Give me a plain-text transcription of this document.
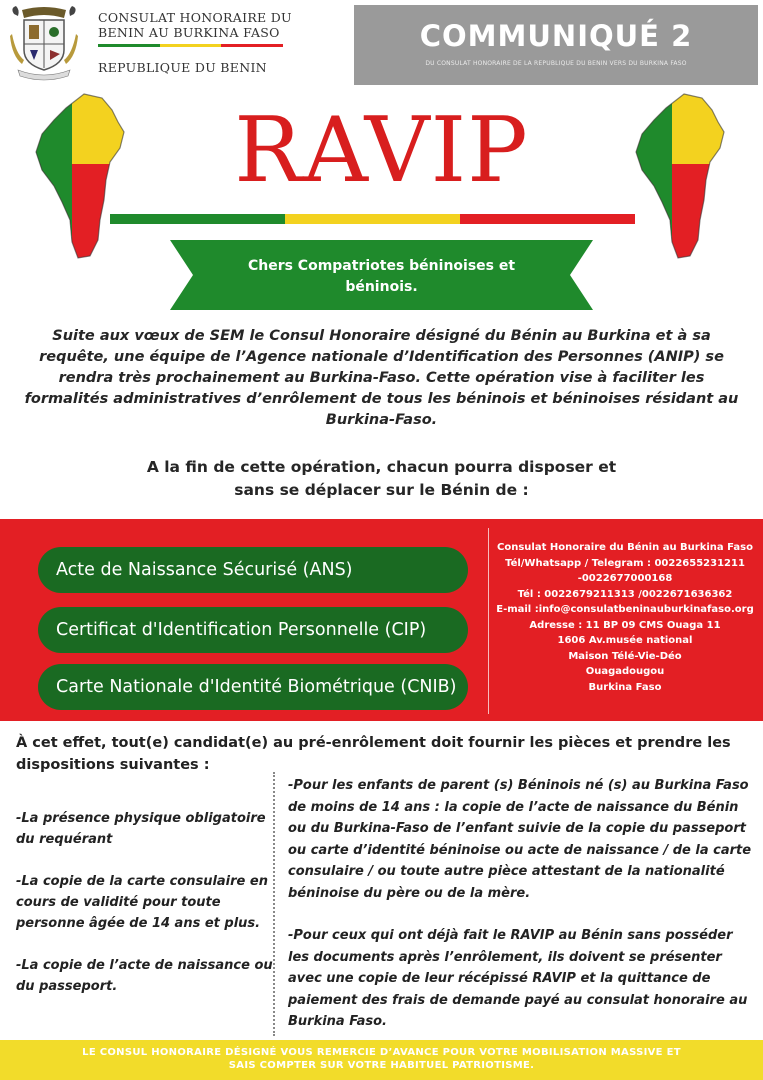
CONSULAT HONORAIRE DU
BENIN AU BURKINA FASO
REPUBLIQUE DU BENIN
COMMUNIQUÉ 2
DU CONSULAT HONORAIRE DE LA REPUBLIQUE DU BENIN VERS DU BURKINA FASO
RAVIP
Chers Compatriotes béninoises et béninois.
Suite aux vœux de SEM le Consul Honoraire désigné du Bénin au Burkina et à sa requête, une équipe de l’Agence nationale d’Identification des Personnes (ANIP) se rendra très prochainement au Burkina-Faso. Cette opération vise à faciliter les formalités administratives d’enrôlement de tous les béninois et béninoises résidant au Burkina-Faso.
A la fin de cette opération, chacun pourra disposer et
sans se déplacer sur le Bénin de :
Acte de Naissance Sécurisé (ANS)
Certificat d'Identification Personnelle (CIP)
Carte Nationale d'Identité Biométrique (CNIB)
Consulat Honoraire du Bénin au Burkina Faso
Tél/Whatsapp / Telegram : 0022655231211
-0022677000168
Tél : 0022679211313 /0022671636362
E-mail :info@consulatbeninauburkinafaso.org
Adresse : 11 BP 09 CMS Ouaga 11
1606 Av.musée national
Maison Télé-Vie-Déo
Ouagadougou
Burkina Faso
À cet effet, tout(e) candidat(e) au pré-enrôlement doit fournir les pièces et prendre les dispositions suivantes :

-La présence physique obligatoire du requérant

-La copie de la carte consulaire en cours de validité pour toute personne âgée de 14 ans et plus.

-La copie de l’acte de naissance ou du passeport.

-Pour les enfants de parent (s) Béninois né (s) au Burkina Faso de moins de 14 ans : la copie de l’acte de naissance du Bénin ou du Burkina-Faso de l’enfant suivie de la copie du passeport ou carte d’identité béninoise ou acte de naissance / de la carte consulaire / ou toute autre pièce attestant de la nationalité béninoise du père ou de la mère.

-Pour ceux qui ont déjà fait le RAVIP au Bénin sans posséder les documents après l’enrôlement, ils doivent se présenter avec une copie de leur récépissé RAVIP et la quittance de paiement des frais de demande payé au consulat honoraire au Burkina Faso.

LE CONSUL HONORAIRE DÉSIGNÉ VOUS REMERCIE D’AVANCE POUR VOTRE MOBILISATION MASSIVE ET
SAIS COMPTER SUR VOTRE HABITUEL PATRIOTISME.
